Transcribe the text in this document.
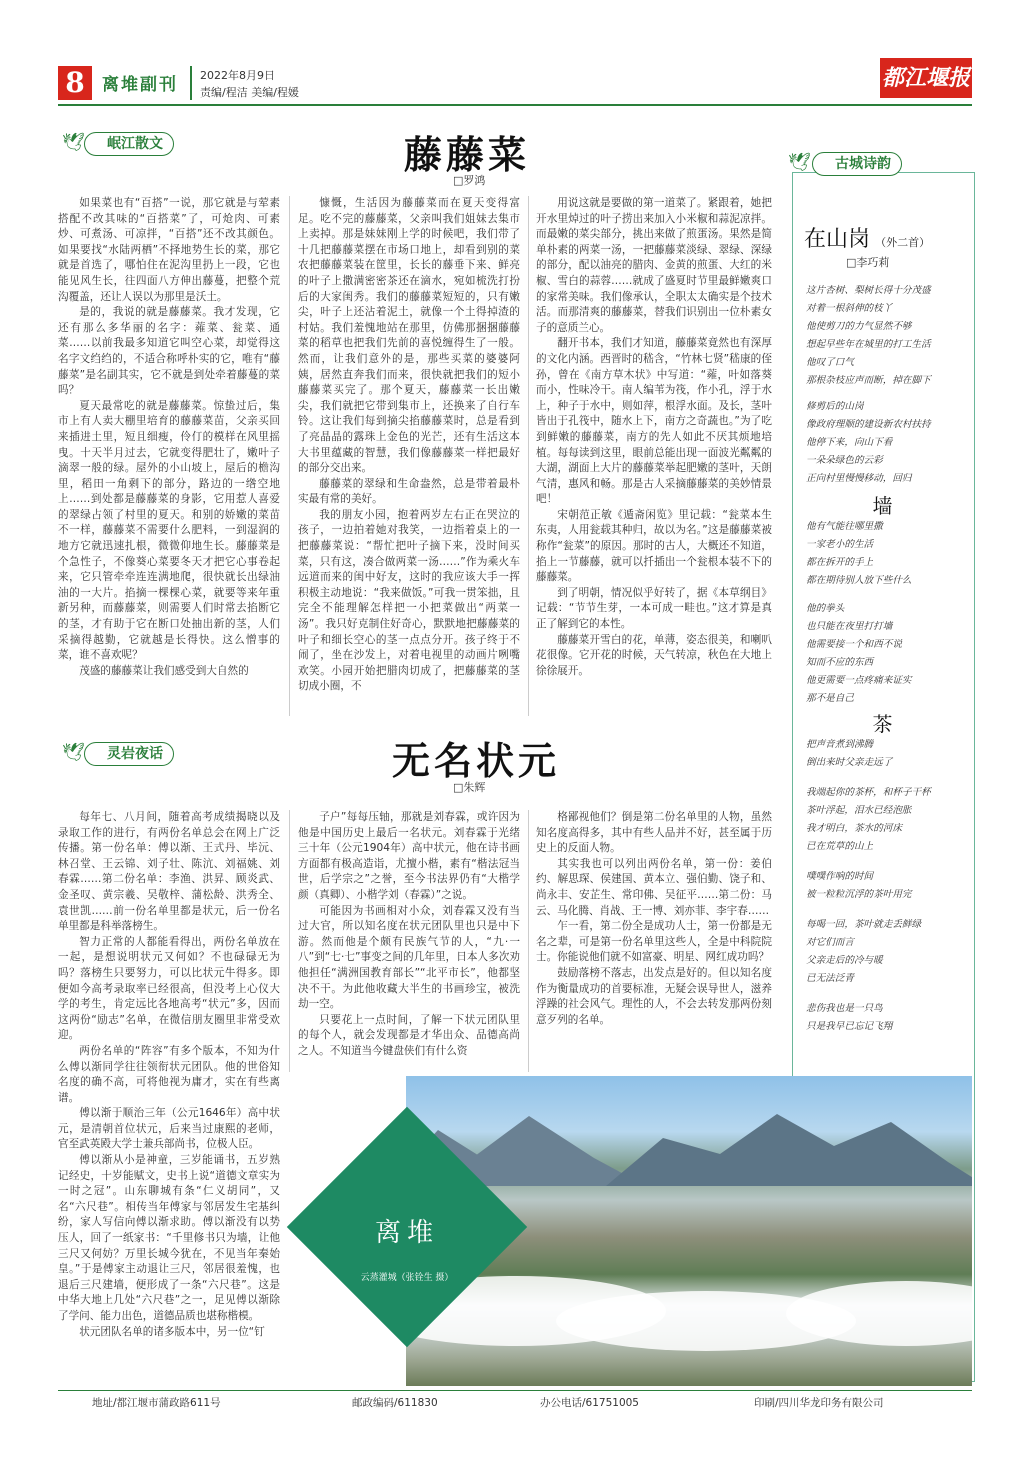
8	离堆副刊 2022年8月9日
责编/程洁 美编/程媛
都江堰报
🕊	岷江散文	藤藤菜
□罗鸿

如果菜也有“百搭”一说，那它就是与荤素搭配不改其味的“百搭菜”了，可炝肉、可素炒、可煮汤、可凉拌，“百搭”还不改其颜色。如果要找“水陆两栖”不择地势生长的菜，那它就是首选了，哪怕住在泥沟里扔上一段，它也能见风生长，往四面八方伸出藤蔓，把整个荒沟覆盖，还让人误以为那里是沃土。

是的，我说的就是藤藤菜。我才发现，它还有那么多华丽的名字：蕹菜、瓮菜、通菜……以前我最多知道它叫空心菜，却觉得这名字文绉绉的，不适合称呼朴实的它，唯有“藤藤菜”是名副其实，它不就是到处牵着藤蔓的菜吗？

夏天最常吃的就是藤藤菜。惊蛰过后，集市上有人卖大棚里培育的藤藤菜苗，父亲买回来插进土里，短且细瘦，伶仃的模样在风里摇曳。十天半月过去，它就变得肥壮了，嫩叶子滴翠一般的绿。屋外的小山坡上，屋后的檐沟里，稻田一角剩下的部分，路边的一绺空地上……到处都是藤藤菜的身影，它用惹人喜爱的翠绿占领了村里的夏天。和别的娇嫩的菜苗不一样，藤藤菜不需要什么肥料，一到湿润的地方它就迅速扎根，微微仰地生长。藤藤菜是个急性子，不像葵心菜要冬天才把它心事卷起来，它只管牵牵连连满地爬，很快就长出绿油油的一大片。掐摘一棵棵心菜，就要等来年重新另种，而藤藤菜，则需要人们时常去掐断它的茎，才有助于它在断口处抽出新的茎，人们采摘得越勤，它就越是长得快。这么憎事的菜，谁不喜欢呢？

茂盛的藤藤菜让我们感受到大自然的

慷慨，生活因为藤藤菜而在夏天变得富足。吃不完的藤藤菜，父亲叫我们姐妹去集市上卖掉。那是妹妹刚上学的时候吧，我们带了十几把藤藤菜摆在市场口地上，却看到别的菜农把藤藤菜装在筐里，长长的藤垂下来、鲜亮的叶子上撒满密密茶还在滴水，宛如梳洗打扮后的大家闺秀。我们的藤藤菜短短的，只有嫩尖，叶子上还沾着泥土，就像一个土得掉渣的村姑。我们羞愧地站在那里，仿佛那捆捆藤藤菜的稻草也把我们先前的喜悦缠得生了一般。然而，让我们意外的是，那些买菜的婆婆阿姨，居然直奔我们而来，很快就把我们的短小藤藤菜买完了。那个夏天，藤藤菜一长出嫩尖，我们就把它带到集市上，还换来了自行车铃。这让我们每到摘尖掐藤藤菜时，总是看到了亮晶晶的露珠上金色的光芒，还有生活这本大书里蕴藏的智慧，我们像藤藤菜一样把最好的部分交出来。

藤藤菜的翠绿和生命盎然，总是带着最朴实最有常的美好。

我的朋友小园，抱着两岁左右正在哭泣的孩子，一边拍着她对我笑，一边指着桌上的一把藤藤菜说：“帮忙把叶子摘下来，没时间买菜，只有这，凑合做两菜一汤……”作为乘火车远道而来的闺中好友，这时的我应该大手一挥积极主动地说：“我来做饭。”可我一贯笨拙，且完全不能理解怎样把一小把菜做出“两菜一汤”。我只好克制住好奇心，默默地把藤藤菜的叶子和细长空心的茎一点点分开。孩子终于不闹了，坐在沙发上，对着电视里的动画片咧嘴欢笑。小园开始把腊肉切成了，把藤藤菜的茎切成小圈，不

用说这就是要做的第一道菜了。紧跟着，她把开水里焯过的叶子捞出来加入小米椒和蒜泥凉拌。而最嫩的菜尖部分，挑出来做了煎蛋汤。果然是简单朴素的两菜一汤，一把藤藤菜淡绿、翠绿、深绿的部分，配以油亮的腊肉、金黄的煎蛋、大红的米椒、雪白的蒜蓉……就成了盛夏时节里最鲜嫩爽口的家常美味。我们像承认，全职太太确实是个技术活。而那清爽的藤藤菜，替我们识别出一位朴素女子的意质兰心。

翻开书本，我们才知道，藤藤菜竟然也有深厚的文化内涵。西晋时的嵇含，“竹林七贤”嵇康的侄孙，曾在《南方草木状》中写道：“蕹，叶如落葵而小，性味冷干。南人编苇为筏，作小孔，浮于水上，种子于水中，则如萍，根浮水面。及长，茎叶皆出于孔筏中，随水上下，南方之奇蔬也。”为了吃到鲜嫩的藤藤菜，南方的先人如此不厌其烦地培植。每每读到这里，眼前总能出现一面波光粼粼的大湖，湖面上大片的藤藤菜举起肥嫩的茎叶，天朗气清，惠风和畅。那是古人采摘藤藤菜的美妙情景吧！

宋朝范正敏《遁斋闲览》里记载：“瓮菜本生东夷，人用瓮载其种归，故以为名。”这是藤藤菜被称作“瓮菜”的原因。那时的古人，大概还不知道，掐上一节藤藤，就可以扦插出一个瓮根本装不下的藤藤菜。

到了明朝，情况似乎好转了，据《本草纲目》记载：“节节生芽，一本可成一畦也。”这才算是真正了解到它的本性。

藤藤菜开雪白的花，单薄，姿态很美，和喇叭花很像。它开花的时候，天气转凉，秋色在大地上徐徐展开。

🕊	灵岩夜话	无名状元
□朱辉

每年七、八月间，随着高考成绩揭晓以及录取工作的进行，有两份名单总会在网上广泛传播。第一份名单：傅以渐、王式丹、毕沅、林召堂、王云锦、刘子壮、陈沆、刘福姚、刘春霖……第二份名单：李渔、洪昇、顾炎武、金圣叹、黄宗羲、吴敬梓、蒲松龄、洪秀全、袁世凯……前一份名单里都是状元，后一份名单里都是科举落榜生。

智力正常的人都能看得出，两份名单放在一起，是想说明状元又何如？不也碌碌无为吗？落榜生只要努力，可以比状元牛得多。即便如今高考录取率已经很高，但没考上心仪大学的考生，肯定远比各地高考“状元”多，因而这两份“励志”名单，在微信朋友圈里非常受欢迎。

两份名单的“阵容”有多个版本，不知为什么傅以渐同学往往领衔状元团队。他的世俗知名度的确不高，可将他视为庸才，实在有些离谱。

傅以渐于顺治三年（公元1646年）高中状元，是清朝首位状元，后来当过康熙的老师，官至武英殿大学士兼兵部尚书，位极人臣。

傅以渐从小是神童，三岁能诵书，五岁熟记经史，十岁能赋文，史书上说“道德文章实为一时之冠”。山东聊城有条“仁义胡同”，又名“六尺巷”。相传当年傅家与邻居发生宅基纠纷，家人写信向傅以渐求助。傅以渐没有以势压人，回了一纸家书：“千里修书只为墙，让他三尺又何妨？万里长城今犹在，不见当年秦始皇。”于是傅家主动退让三尺，邻居很羞愧，也退后三尺建墙，便形成了一条“六尺巷”。这是中华大地上几处“六尺巷”之一，足见傅以渐除了学问、能力出色，道德品质也堪称楷模。

状元团队名单的诸多版本中，另一位“钉

子户”每每压轴，那就是刘春霖，或许因为他是中国历史上最后一名状元。刘春霖于光绪三十年（公元1904年）高中状元，他在诗书画方面都有极高造诣，尤擅小楷，素有“楷法冠当世，后学宗之”之誉，至今书法界仍有“大楷学颜（真卿）、小楷学刘（春霖）”之说。

可能因为书画相对小众，刘春霖又没有当过大官，所以知名度在状元团队里也只是中下游。然而他是个颇有民族气节的人，“九·一八”到“七·七”事变之间的几年里，日本人多次劝他担任“满洲国教育部长”“北平市长”，他都坚决不干。为此他收藏大半生的书画珍宝，被洗劫一空。

只要花上一点时间，了解一下状元团队里的每个人，就会发现都是才华出众、品德高尚之人。不知道当今键盘侠们有什么资

格鄙视他们？倒是第二份名单里的人物，虽然知名度高得多，其中有些人品并不好，甚至属于历史上的反面人物。

其实我也可以列出两份名单，第一份：姜伯约、解思琛、侯建国、黄本立、强伯勤、饶子和、尚永丰、安芷生、常印佛、吴征平……第二份：马云、马化腾、肖战、王一博、刘亦菲、李宇春……

乍一看，第二份全是成功人士，第一份都是无名之辈，可是第一份名单里这些人，全是中科院院士。你能说他们就不如富豪、明星、网红成功吗？

鼓励落榜不落志，出发点是好的。但以知名度作为衡量成功的首要标准，无疑会误导世人，滋养浮躁的社会风气。理性的人，不会去转发那两份刻意歹列的名单。

🕊	古城诗韵
在山岗 （外二首）
□李巧莉
这片杏树、梨树长得十分茂盛
对着一根斜伸的枝丫
他使剪刀的力气显然不够
想起早些年在城里的打工生活
他叹了口气
那根杂枝应声而断，掉在脚下
修剪后的山岗
像政府理顺的建设新农村扶持
他停下来，向山下看
一朵朵绿色的云彩
正向村里慢慢移动，回归
墙
他有气能往哪里撒
一家老小的生活
都在拆开的手上
都在期待别人放下些什么
他的拳头
也只能在夜里打打墙
他需要接一个和西不说
知而不应的东西
他更需要一点疼痛来证实
那不是自己
茶
把声音煮到沸腾
倒出来时父亲走远了
我端起你的茶杯，和杯子干杯
茶叶浮起，泪水已经泡胀
我才明白，茶水的河床
已在荒草的山上
噗噗作响的时间
被一粒粒沉浮的茶叶用完
每喝一回，茶叶就走丢鲜绿
对它们而言
父亲走后的冷与暖
已无法泛青
悲伤我也是一只鸟
只是我早已忘记飞翔
离堆
云蒸灌城（张铨生 摄）
地址/都江堰市蒲政路611号	邮政编码/611830	办公电话/61751005	印刷/四川华龙印务有限公司
